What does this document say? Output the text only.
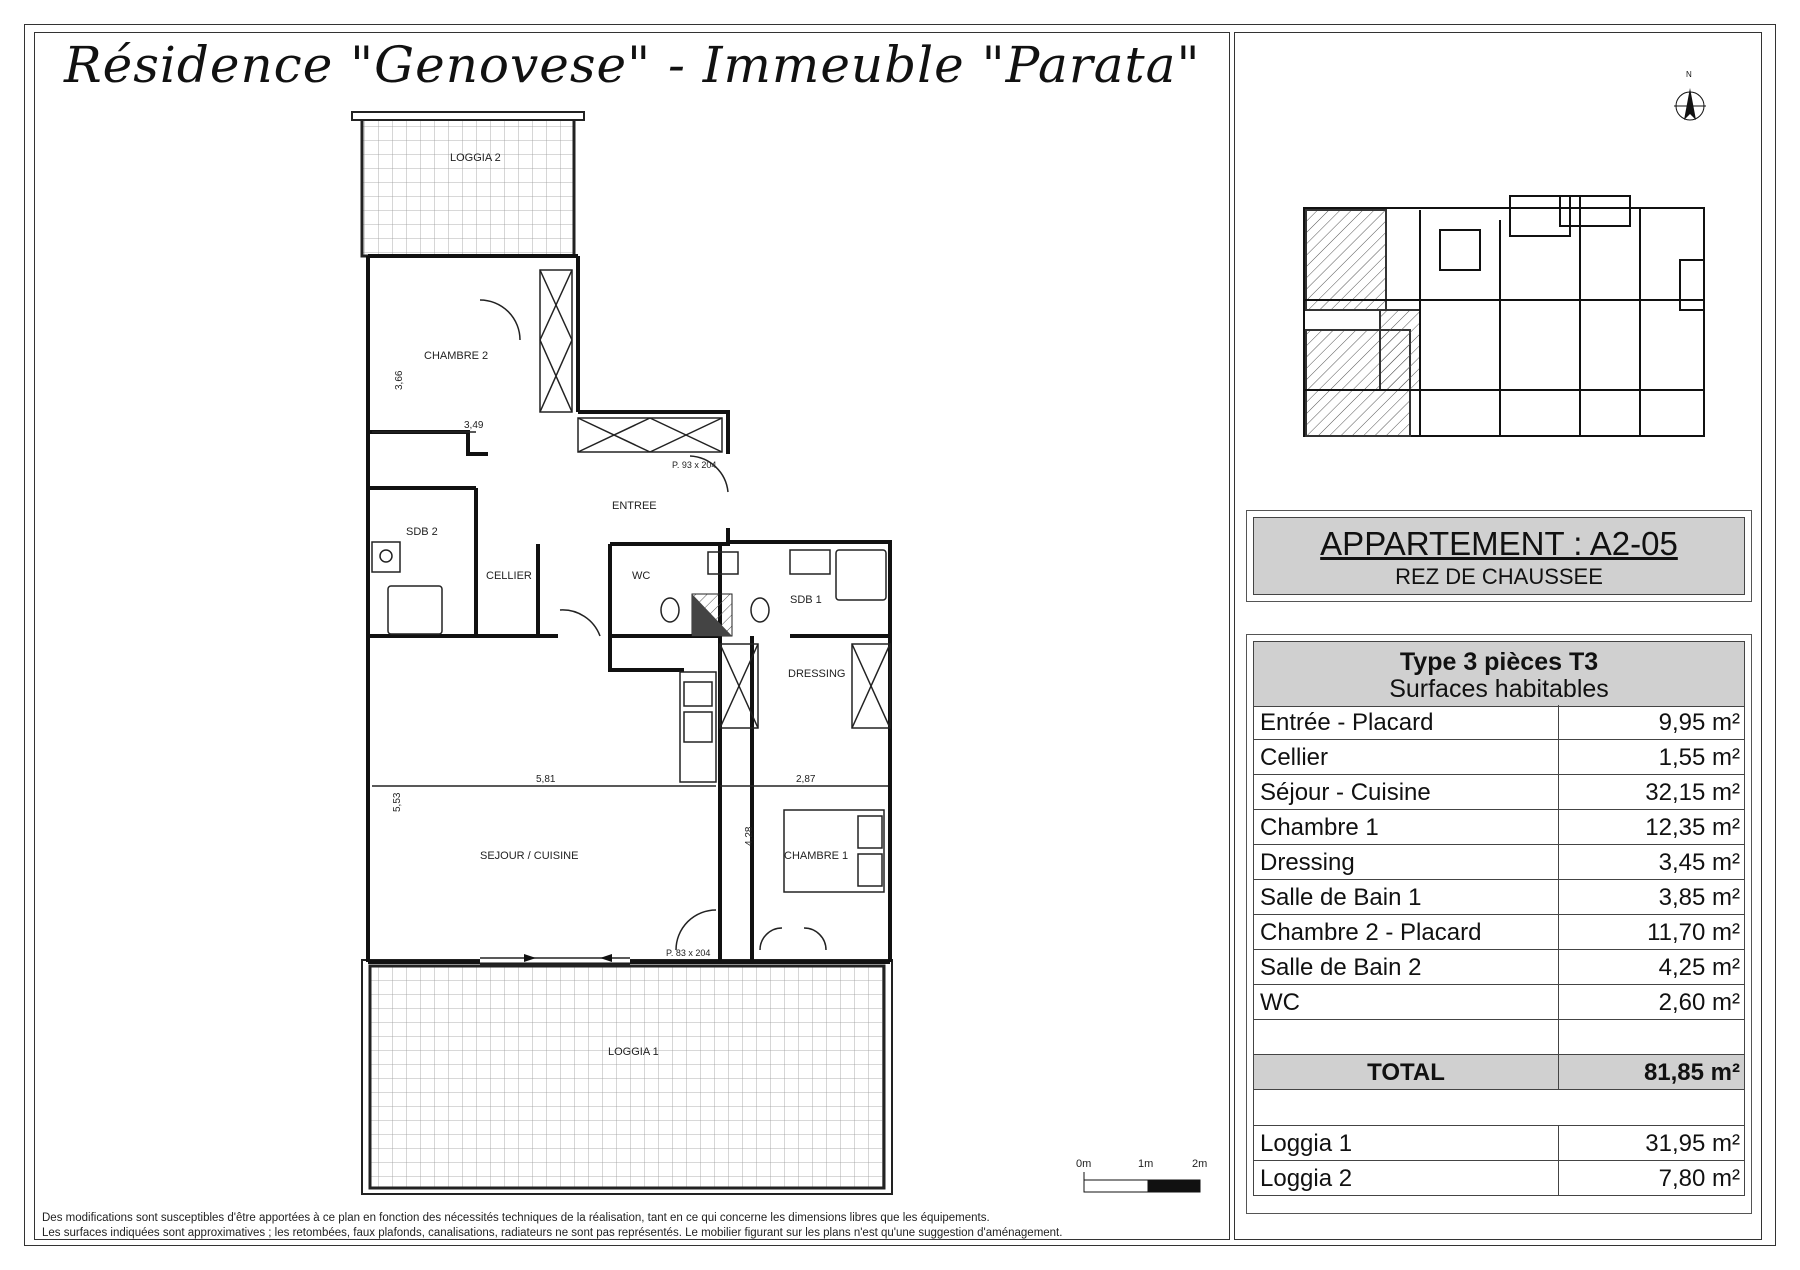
Résidence "Genovese" - Immeuble "Parata"
LOGGIA 2
CHAMBRE 2
ENTREE
SDB 2
CELLIER	WC
SDB 1
DRESSING
SEJOUR / CUISINE	CHAMBRE 1
LOGGIA 1
3,66
3,49
5,81	2,87
5,53
4,28
P. 93 x 204
P. 83 x 204
0m	1m	2m
Des modifications sont susceptibles d'être apportées à ce plan en fonction des nécessités techniques de la réalisation, tant en ce qui concerne les dimensions libres que les équipements.
Les surfaces indiquées sont approximatives ; les retombées, faux plafonds, canalisations, radiateurs ne sont pas représentés. Le mobilier figurant sur les plans n'est qu'une suggestion d'aménagement.
N
APPARTEMENT : A2-05
REZ DE CHAUSSEE
Type 3 pièces T3
Surfaces habitables
Entrée - Placard	9,95 m²
Cellier	1,55 m²
Séjour - Cuisine	32,15 m²
Chambre 1	12,35 m²
Dressing	3,45 m²
Salle de Bain 1	3,85 m²
Chambre 2 - Placard	11,70 m²
Salle de Bain 2	4,25 m²
WC	2,60 m²
TOTAL	81,85 m²
Loggia 1	31,95 m²
Loggia 2	7,80 m²
